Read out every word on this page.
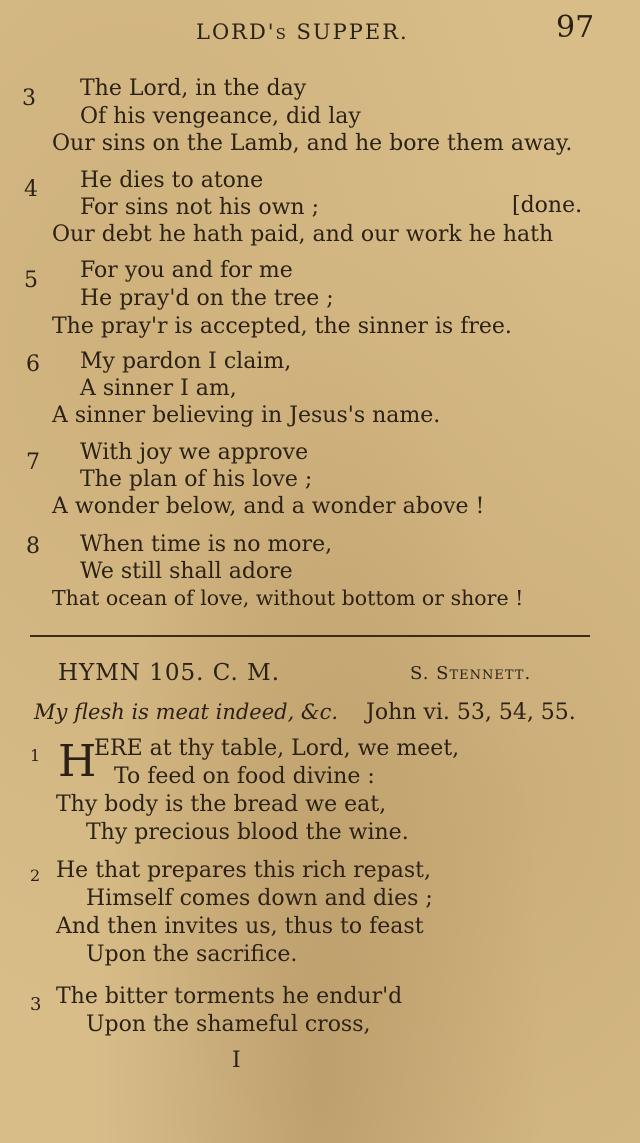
LORD's SUPPER.	97
3 The Lord, in the day
Of his vengeance, did lay
Our sins on the Lamb, and he bore them away.
4 He dies to atone
For sins not his own ;	[done.
Our debt he hath paid, and our work he hath
5 For you and for me
He pray'd on the tree ;
The pray'r is accepted, the sinner is free.
6 My pardon I claim,
A sinner I am,
A sinner believing in Jesus's name.
7 With joy we approve
The plan of his love ;
A wonder below, and a wonder above !
8 When time is no more,
We still shall adore
That ocean of love, without bottom or shore !
HYMN 105. C. M.	S. Stennett.
My flesh is meat indeed, &c. John vi. 53, 54, 55.
1 H
ERE at thy table, Lord, we meet,
To feed on food divine :
Thy body is the bread we eat,
Thy precious blood the wine.
2 He that prepares this rich repast,
Himself comes down and dies ;
And then invites us, thus to feast
Upon the sacrifice.
3 The bitter torments he endur'd
Upon the shameful cross,
I
